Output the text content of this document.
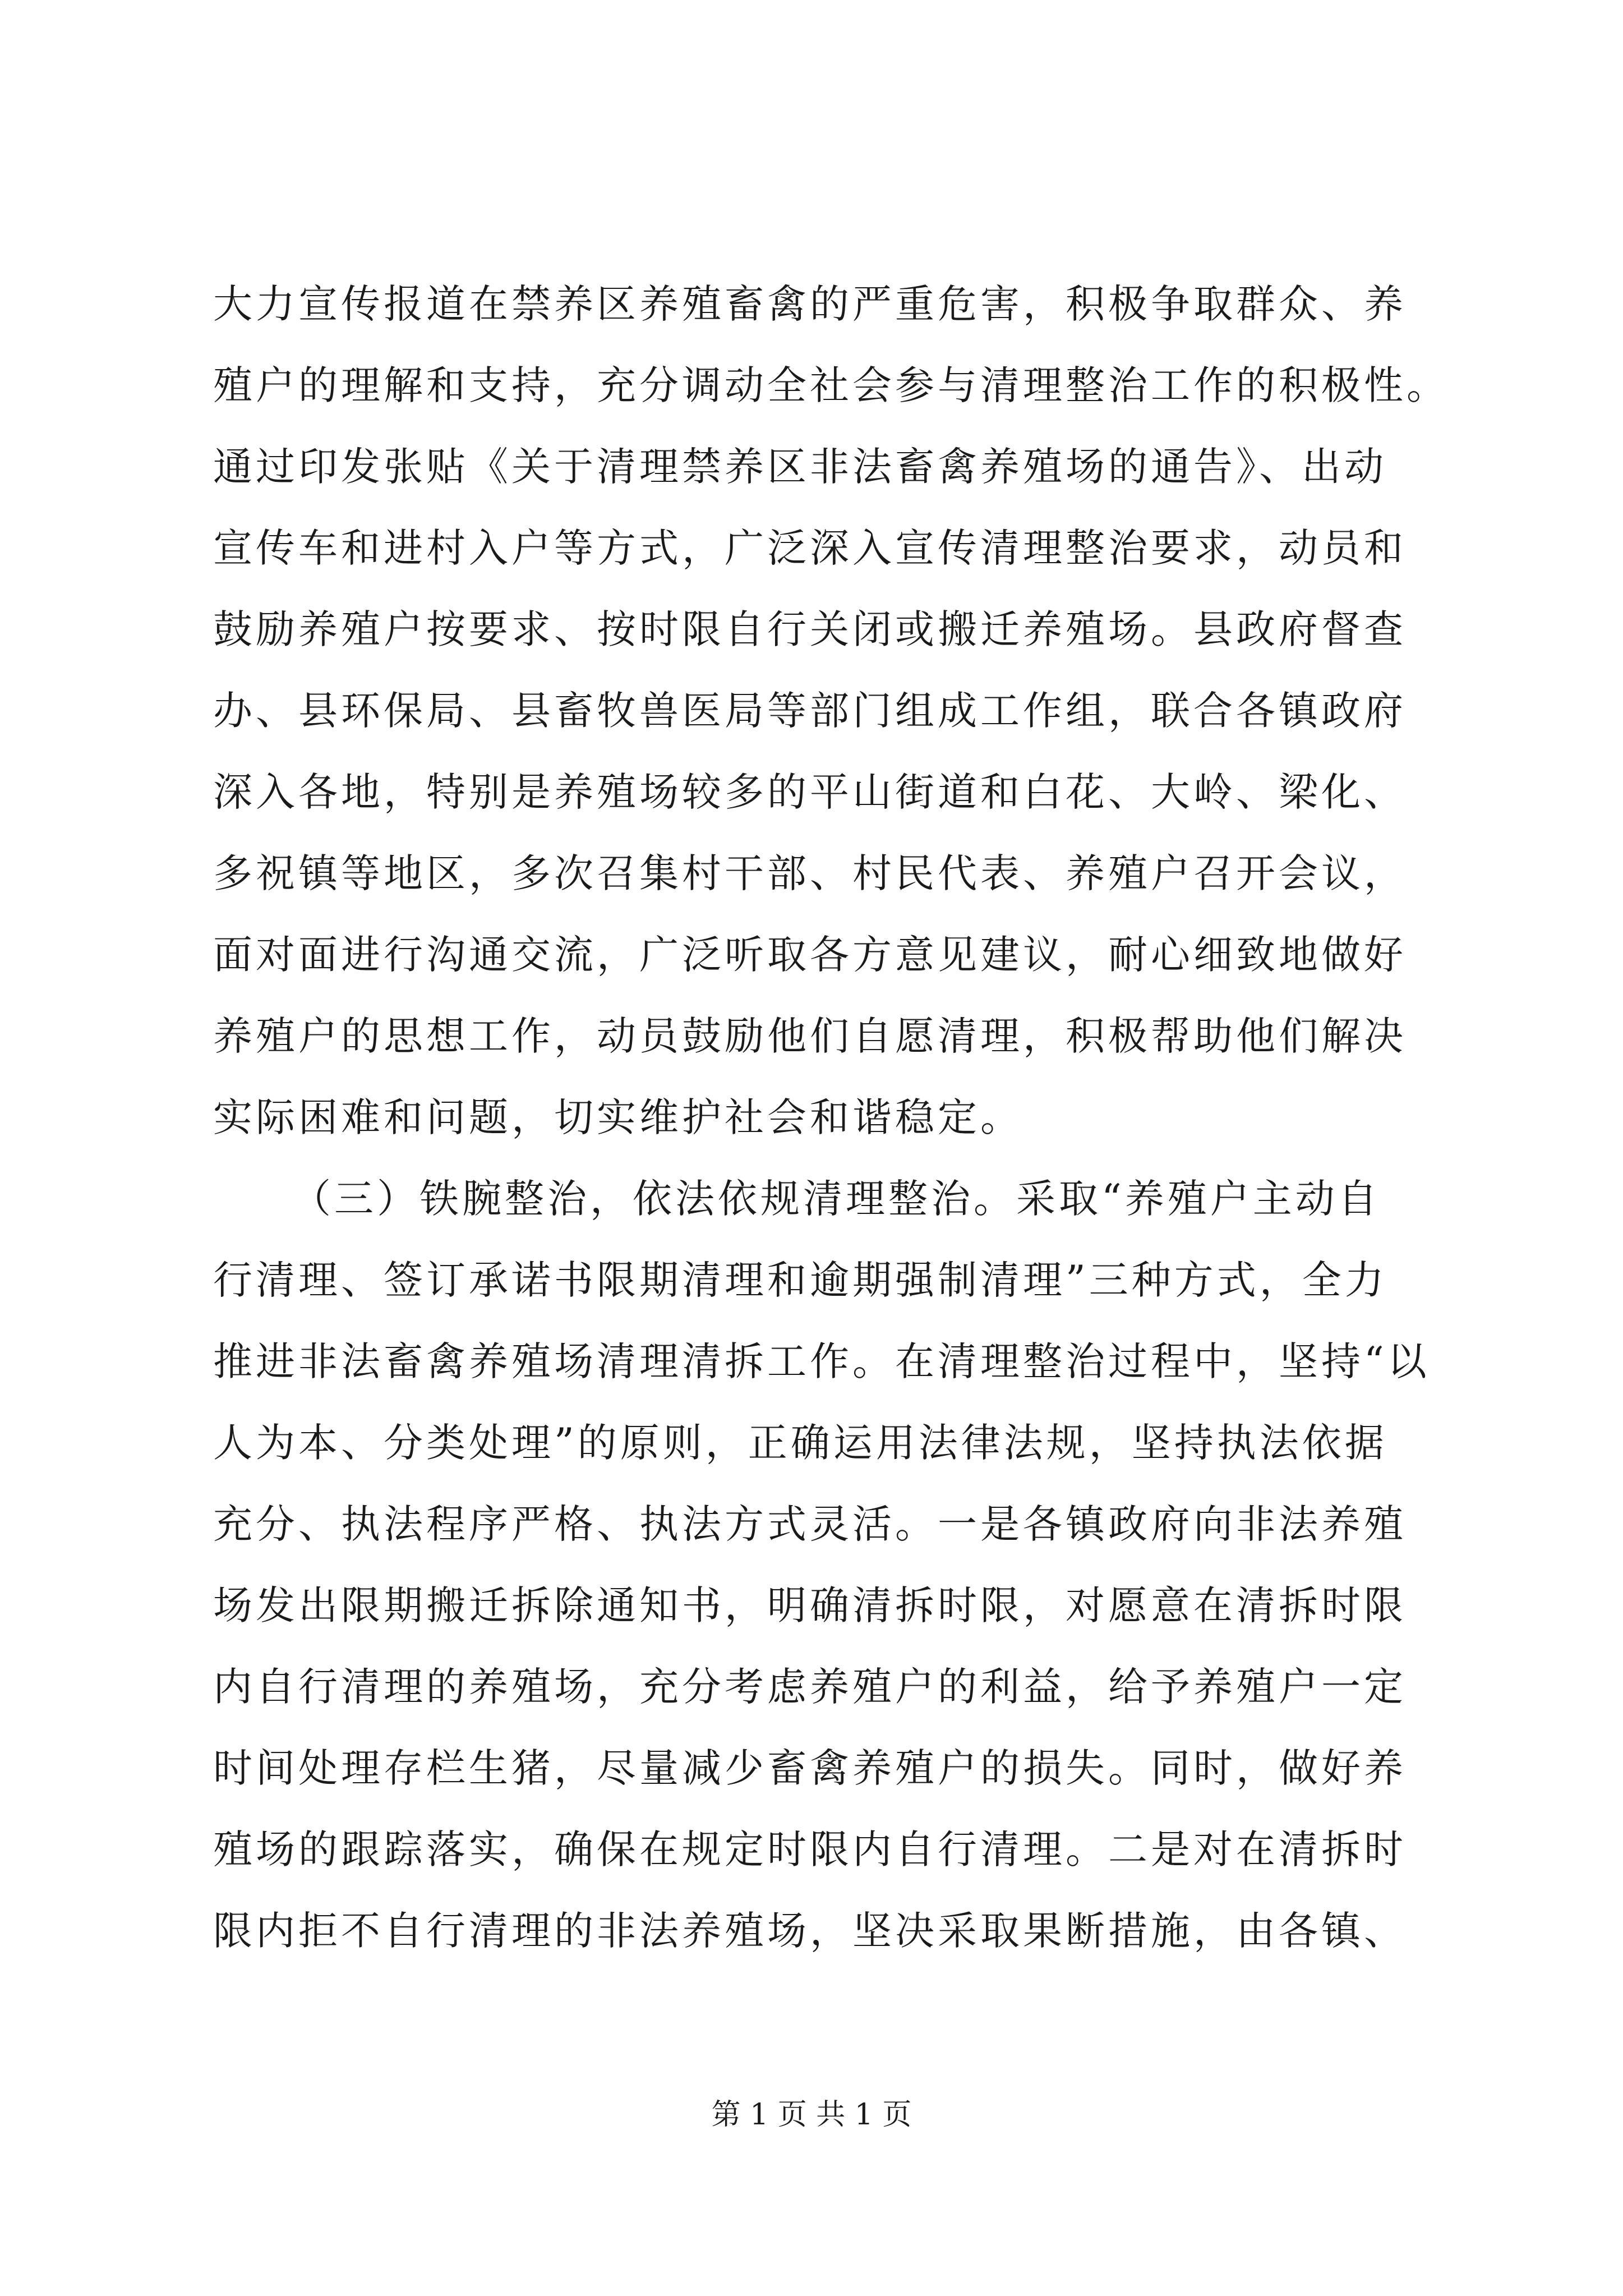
大力宣传报道在禁养区养殖畜禽的严重危害，积极争取群众、养
殖户的理解和支持，充分调动全社会参与清理整治工作的积极性。
通过印发张贴《关于清理禁养区非法畜禽养殖场的通告》、出动
宣传车和进村入户等方式，广泛深入宣传清理整治要求，动员和
鼓励养殖户按要求、按时限自行关闭或搬迁养殖场。县政府督查
办、县环保局、县畜牧兽医局等部门组成工作组，联合各镇政府
深入各地，特别是养殖场较多的平山街道和白花、大岭、梁化、
多祝镇等地区，多次召集村干部、村民代表、养殖户召开会议，
面对面进行沟通交流，广泛听取各方意见建议，耐心细致地做好
养殖户的思想工作，动员鼓励他们自愿清理，积极帮助他们解决
实际困难和问题，切实维护社会和谐稳定。
（三）铁腕整治，依法依规清理整治。采取“养殖户主动自
行清理、签订承诺书限期清理和逾期强制清理”三种方式，全力
推进非法畜禽养殖场清理清拆工作。在清理整治过程中，坚持“以
人为本、分类处理”的原则，正确运用法律法规，坚持执法依据
充分、执法程序严格、执法方式灵活。一是各镇政府向非法养殖
场发出限期搬迁拆除通知书，明确清拆时限，对愿意在清拆时限
内自行清理的养殖场，充分考虑养殖户的利益，给予养殖户一定
时间处理存栏生猪，尽量减少畜禽养殖户的损失。同时，做好养
殖场的跟踪落实，确保在规定时限内自行清理。二是对在清拆时
限内拒不自行清理的非法养殖场，坚决采取果断措施，由各镇、
第 1 页 共 1 页
